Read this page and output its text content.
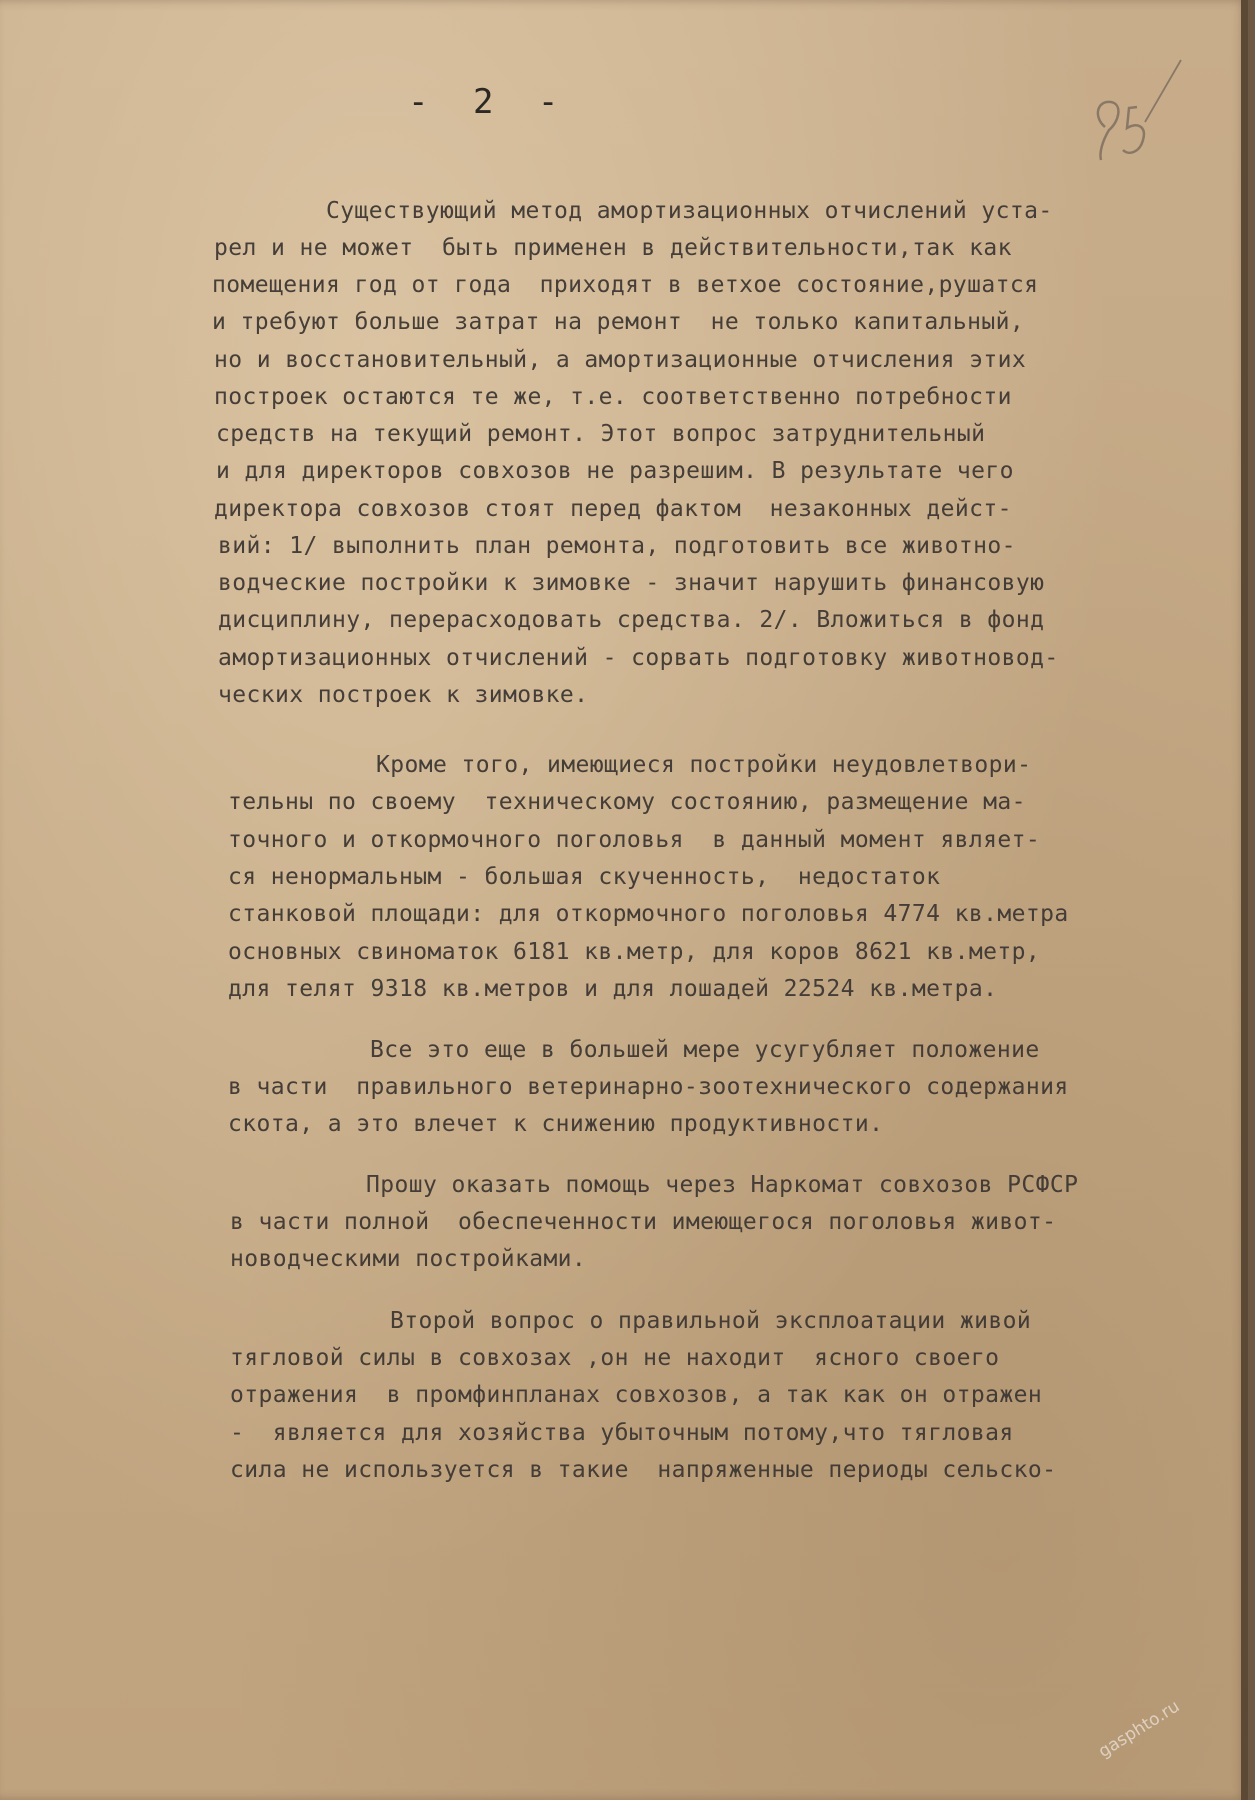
- 2 -
Существующий метод амортизационных отчислений уста-
рел и не может  быть применен в действительности,так как
помещения год от года  приходят в ветхое состояние,рушатся
и требуют больше затрат на ремонт  не только капитальный,
но и восстановительный, а амортизационные отчисления этих
построек остаются те же, т.е. соответственно потребности
средств на текущий ремонт. Этот вопрос затруднительный
и для директоров совхозов не разрешим. В результате чего
директора совхозов стоят перед фактом  незаконных дейст-
вий: 1/ выполнить план ремонта, подготовить все животно-
водческие постройки к зимовке - значит нарушить финансовую
дисциплину, перерасходовать средства. 2/. Вложиться в фонд
амортизационных отчислений - сорвать подготовку животновод-
ческих построек к зимовке.
Кроме того, имеющиеся постройки неудовлетвори-
тельны по своему  техническому состоянию, размещение ма-
точного и откормочного поголовья  в данный момент являет-
ся ненормальным - большая скученность,  недостаток
станковой площади: для откормочного поголовья 4774 кв.метра
основных свиноматок 6181 кв.метр, для коров 8621 кв.метр,
для телят 9318 кв.метров и для лошадей 22524 кв.метра.
Все это еще в большей мере усугубляет положение
в части  правильного ветеринарно-зоотехнического содержания
скота, а это влечет к снижению продуктивности.
Прошу оказать помощь через Наркомат совхозов РСФСР
в части полной  обеспеченности имеющегося поголовья живот-
новодческими постройками.
Второй вопрос о правильной эксплоатации живой
тягловой силы в совхозах ,он не находит  ясного своего
отражения  в промфинпланах совхозов, а так как он отражен
-  является для хозяйства убыточным потому,что тягловая
сила не используется в такие  напряженные периоды сельско-
gasphto.ru
